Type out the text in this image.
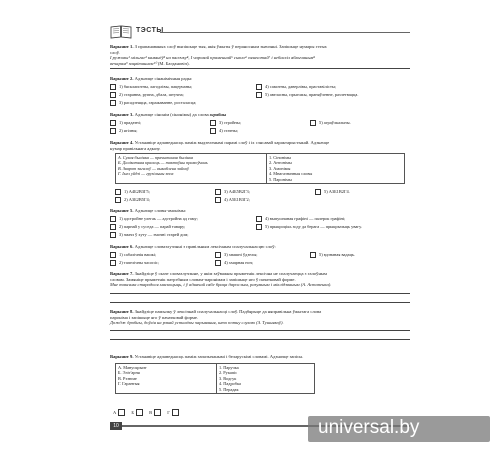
ТЭСТЫ
Варыянт 1. З прапанаваных слоў выпішыце тыя, якія ўжыты ў пераносным значэнні. Запішыце нумары гэтых
слоў.
І ружовы¹ мільгае² камянёў³ на пясочку⁴, І чаровай праменнай⁵ сыпле⁶ пяшчотай⁷ і небасхіл яблычаным⁸
вечарам⁹ зацвітаннем¹⁰ (М. Багдановіч).
Варыянт 2. Адзначце сінанімічныя рады:
1) бясклапотны, лагодлівы, пацерчаны;
2) старанна, рупна, дбала, штучна;
3) расадзеяцца, гаражаванне, росталасца;
4) самотны, даверлівы, праставілісты;
5) авеласны, прыгожы, праняўленне, разлетвацца.
Варыянт 3. Адзначце сінонім (сінонімы) да слова вграбны
1) прадатні;
2) ягілны;
3) стройны;
4) статны;
5) аграўлкальны.
Варыянт 4. Устанавіце адпаведнасць паміж выдзеленымі парамі слоў і іх сэнсавай характарыстыкай. Адзначце
нумар правільнага адказу.
А. Сухая былінка — прачытаная былінка
Б. Далікатная краасць — тактоўны прамоўчань
В. Зварот загалоў — выкаблена зайхоў
Г. Імгл уйдзі — грузілыны эпох
1. Сінонімы
2. Антонімы
3. Амонімы
4. Мнагазначныя словы
5. Паронімы
1) А4Б2В3Г5;
2) А3Б2В5Г4;
3) А4Б5В2Г3;
4) А5Б1В3Г2;
5) А3Б1В2Г4.
Варыянт 5. Адзначце словы-амонімы:
1) адстройне улегаь — адстройна ад гаму;
2) парнай у суседа — парай тавару;
3) змачэ ў хуту — змочні старей дом;
4) выпушчаная графіні — палерок графіні;
5) прыкроцікь зоду да берага — прыкрычыць увагу.
Варыянт 6. Адзначце словазлучэнні з правільным лексічным спалучальнасцю слоў:
1) сабалічнія вашкі;
2) тапелічны часопіс;
3) хвашні ўдзелы;
4) хмарная ноч;
5) вдзнаная вадаць.
Варыянт 7. Знайдзіце ў сказе словазлучэнне, у якім заўважны прыметнік лексічна не спалучаецца з галоўным
словам. Замяніце прыметнік патрэбным словам-паронімам і запішыце яго ў пачатковай форме.
Мне таксама старадося маскоцыць, і ў адначай сябе браца дарослым, разумным і міклідзваным (А. Астапенка).
Варыянт 8. Знайдзіце памылку ў лексічнай спалучальнасці слоў. Падбярыце да няправільна ўжытага слова
пароніма і запішыце яго ў пачатковай форме.
Дождж дробны, доўгія на рэкай усталёвы чарывання, што потну слухаю (З. Тушнякоў).
Варыянт 9. Устанавіце адпаведнасць паміж запазычанымі і беларускімі словамі. Адзначце запісы.
А. Манускрыпт
Б. Эліт'арня
В. Рэзюме
Г. Гарантыя
1. Паручка
2. Рукапіс
3. Водгук
4. Падробка
5. Перадак
А	Б	В	Г
10	universal.by
